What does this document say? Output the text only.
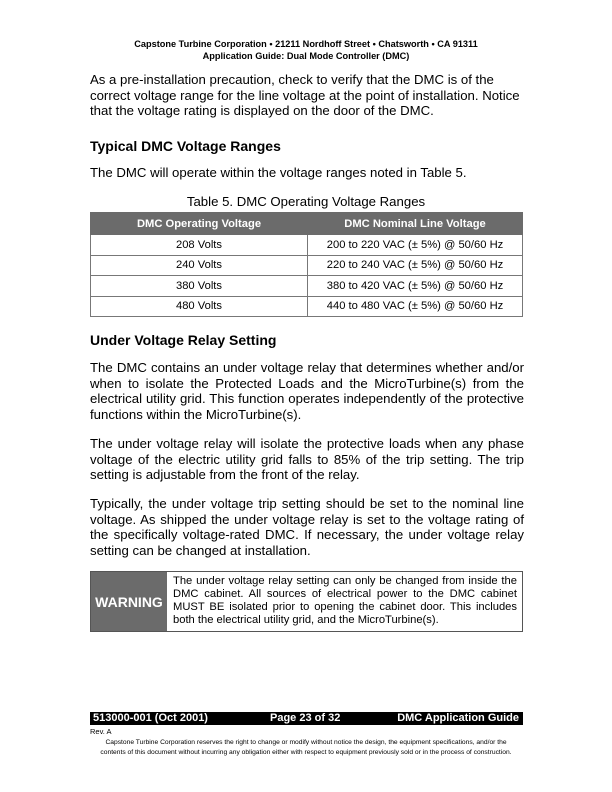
Capstone Turbine Corporation • 21211 Nordhoff Street • Chatsworth • CA 91311
Application Guide: Dual Mode Controller (DMC)
As a pre-installation precaution, check to verify that the DMC is of the correct voltage range for the line voltage at the point of installation. Notice that the voltage rating is displayed on the door of the DMC.
Typical DMC Voltage Ranges
The DMC will operate within the voltage ranges noted in Table 5.
Table 5. DMC Operating Voltage Ranges
DMC Operating Voltage	DMC Nominal Line Voltage
208 Volts	200 to 220 VAC (± 5%) @ 50/60 Hz
240 Volts	220 to 240 VAC (± 5%) @ 50/60 Hz
380 Volts	380 to 420 VAC (± 5%) @ 50/60 Hz
480 Volts	440 to 480 VAC (± 5%) @ 50/60 Hz
Under Voltage Relay Setting
The DMC contains an under voltage relay that determines whether and/or when to isolate the Protected Loads and the MicroTurbine(s) from the electrical utility grid. This function operates independently of the protective functions within the MicroTurbine(s).
The under voltage relay will isolate the protective loads when any phase voltage of the electric utility grid falls to 85% of the trip setting. The trip setting is adjustable from the front of the relay.
Typically, the under voltage trip setting should be set to the nominal line voltage. As shipped the under voltage relay is set to the voltage rating of the specifically voltage-rated DMC. If necessary, the under voltage relay setting can be changed at installation.
WARNING
The under voltage relay setting can only be changed from inside the DMC cabinet. All sources of electrical power to the DMC cabinet MUST BE isolated prior to opening the cabinet door. This includes both the electrical utility grid, and the MicroTurbine(s).
513000-001 (Oct 2001)	Page 23 of 32	DMC Application Guide
Rev. A
Capstone Turbine Corporation reserves the right to change or modify without notice the design, the equipment specifications, and/or the
contents of this document without incurring any obligation either with respect to equipment previously sold or in the process of construction.
